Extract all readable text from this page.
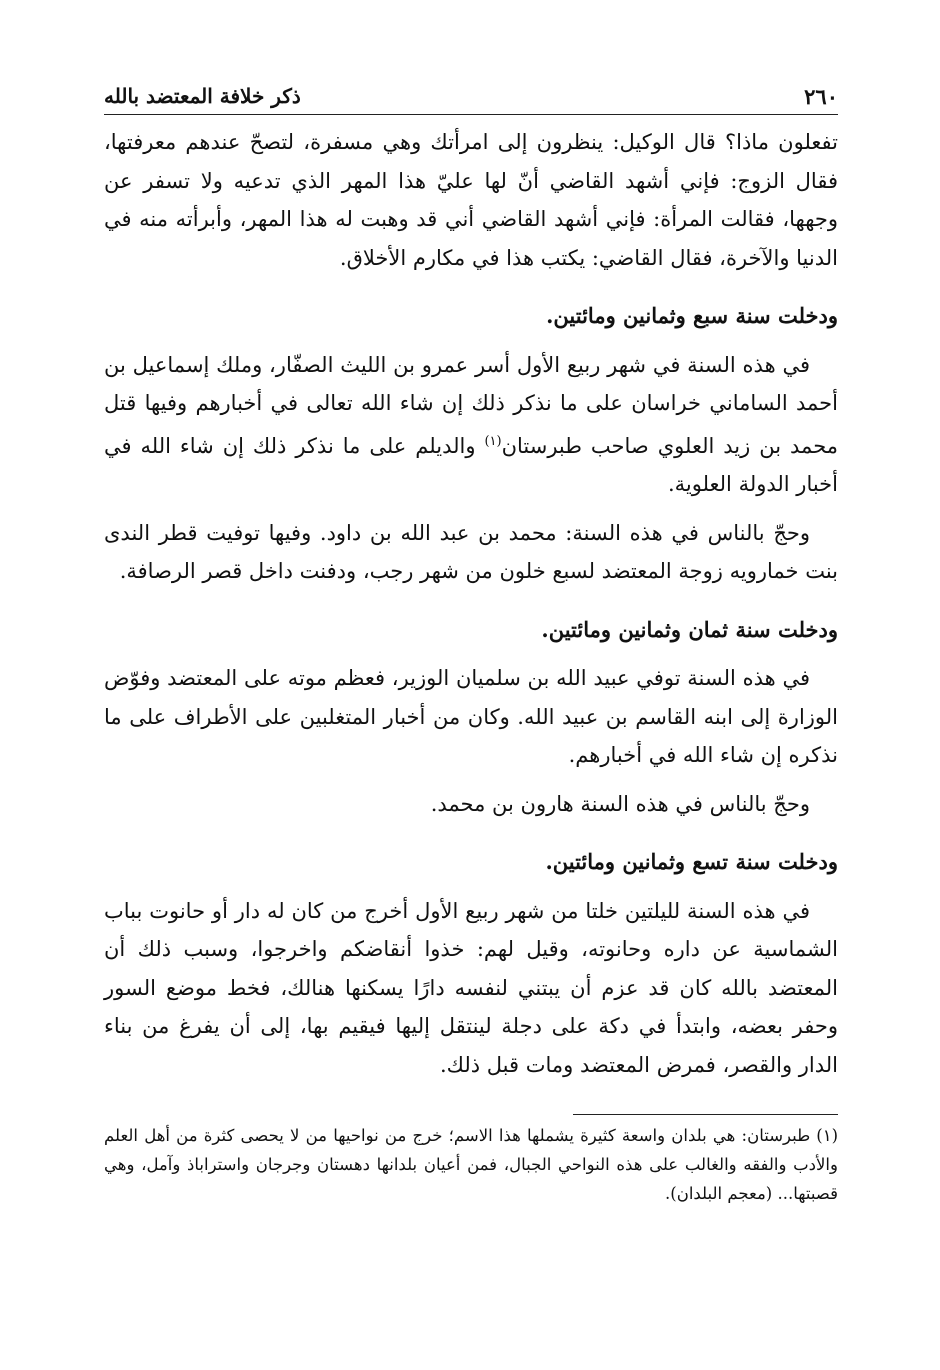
٢٦٠
ذكر خلافة المعتضد بالله

تفعلون ماذا؟ قال الوكيل: ينظرون إلى امرأتك وهي مسفرة، لتصحّ عندهم معرفتها، فقال الزوج: فإني أشهد القاضي أنّ لها عليّ هذا المهر الذي تدعيه ولا تسفر عن وجهها، فقالت المرأة: فإني أشهد القاضي أني قد وهبت له هذا المهر، وأبرأته منه في الدنيا والآخرة، فقال القاضي: يكتب هذا في مكارم الأخلاق.

ودخلت سنة سبع وثمانين ومائتين.

في هذه السنة في شهر ربيع الأول أسر عمرو بن الليث الصفّار، وملك إسماعيل بن أحمد الساماني خراسان على ما نذكر ذلك إن شاء الله تعالى في أخبارهم وفيها قتل محمد بن زيد العلوي صاحب طبرستان$^{(١)}$ والديلم على ما نذكر ذلك إن شاء الله في أخبار الدولة العلوية.

وحجّ بالناس في هذه السنة: محمد بن عبد الله بن داود. وفيها توفيت قطر الندى بنت خمارويه زوجة المعتضد لسبع خلون من شهر رجب، ودفنت داخل قصر الرصافة.

ودخلت سنة ثمان وثمانين ومائتين.

في هذه السنة توفي عبيد الله بن سلميان الوزير، فعظم موته على المعتضد وفوّض الوزارة إلى ابنه القاسم بن عبيد الله. وكان من أخبار المتغلبين على الأطراف على ما نذكره إن شاء الله في أخبارهم.

وحجّ بالناس في هذه السنة هارون بن محمد.

ودخلت سنة تسع وثمانين ومائتين.

في هذه السنة لليلتين خلتا من شهر ربيع الأول أخرج من كان له دار أو حانوت بباب الشماسية عن داره وحانوته، وقيل لهم: خذوا أنقاضكم واخرجوا، وسبب ذلك أن المعتضد بالله كان قد عزم أن يبتني لنفسه دارًا يسكنها هنالك، فخط موضع السور وحفر بعضه، وابتدأ في دكة على دجلة لينتقل إليها فيقيم بها، إلى أن يفرغ من بناء الدار والقصر، فمرض المعتضد ومات قبل ذلك.

(١)طبرستان: هي بلدان واسعة كثيرة يشملها هذا الاسم؛ خرج من نواحيها من لا يحصى كثرة من أهل العلم والأدب والفقه والغالب على هذه النواحي الجبال، فمن أعيان بلدانها دهستان وجرجان واستراباذ وآمل، وهي قصبتها... (معجم البلدان).
